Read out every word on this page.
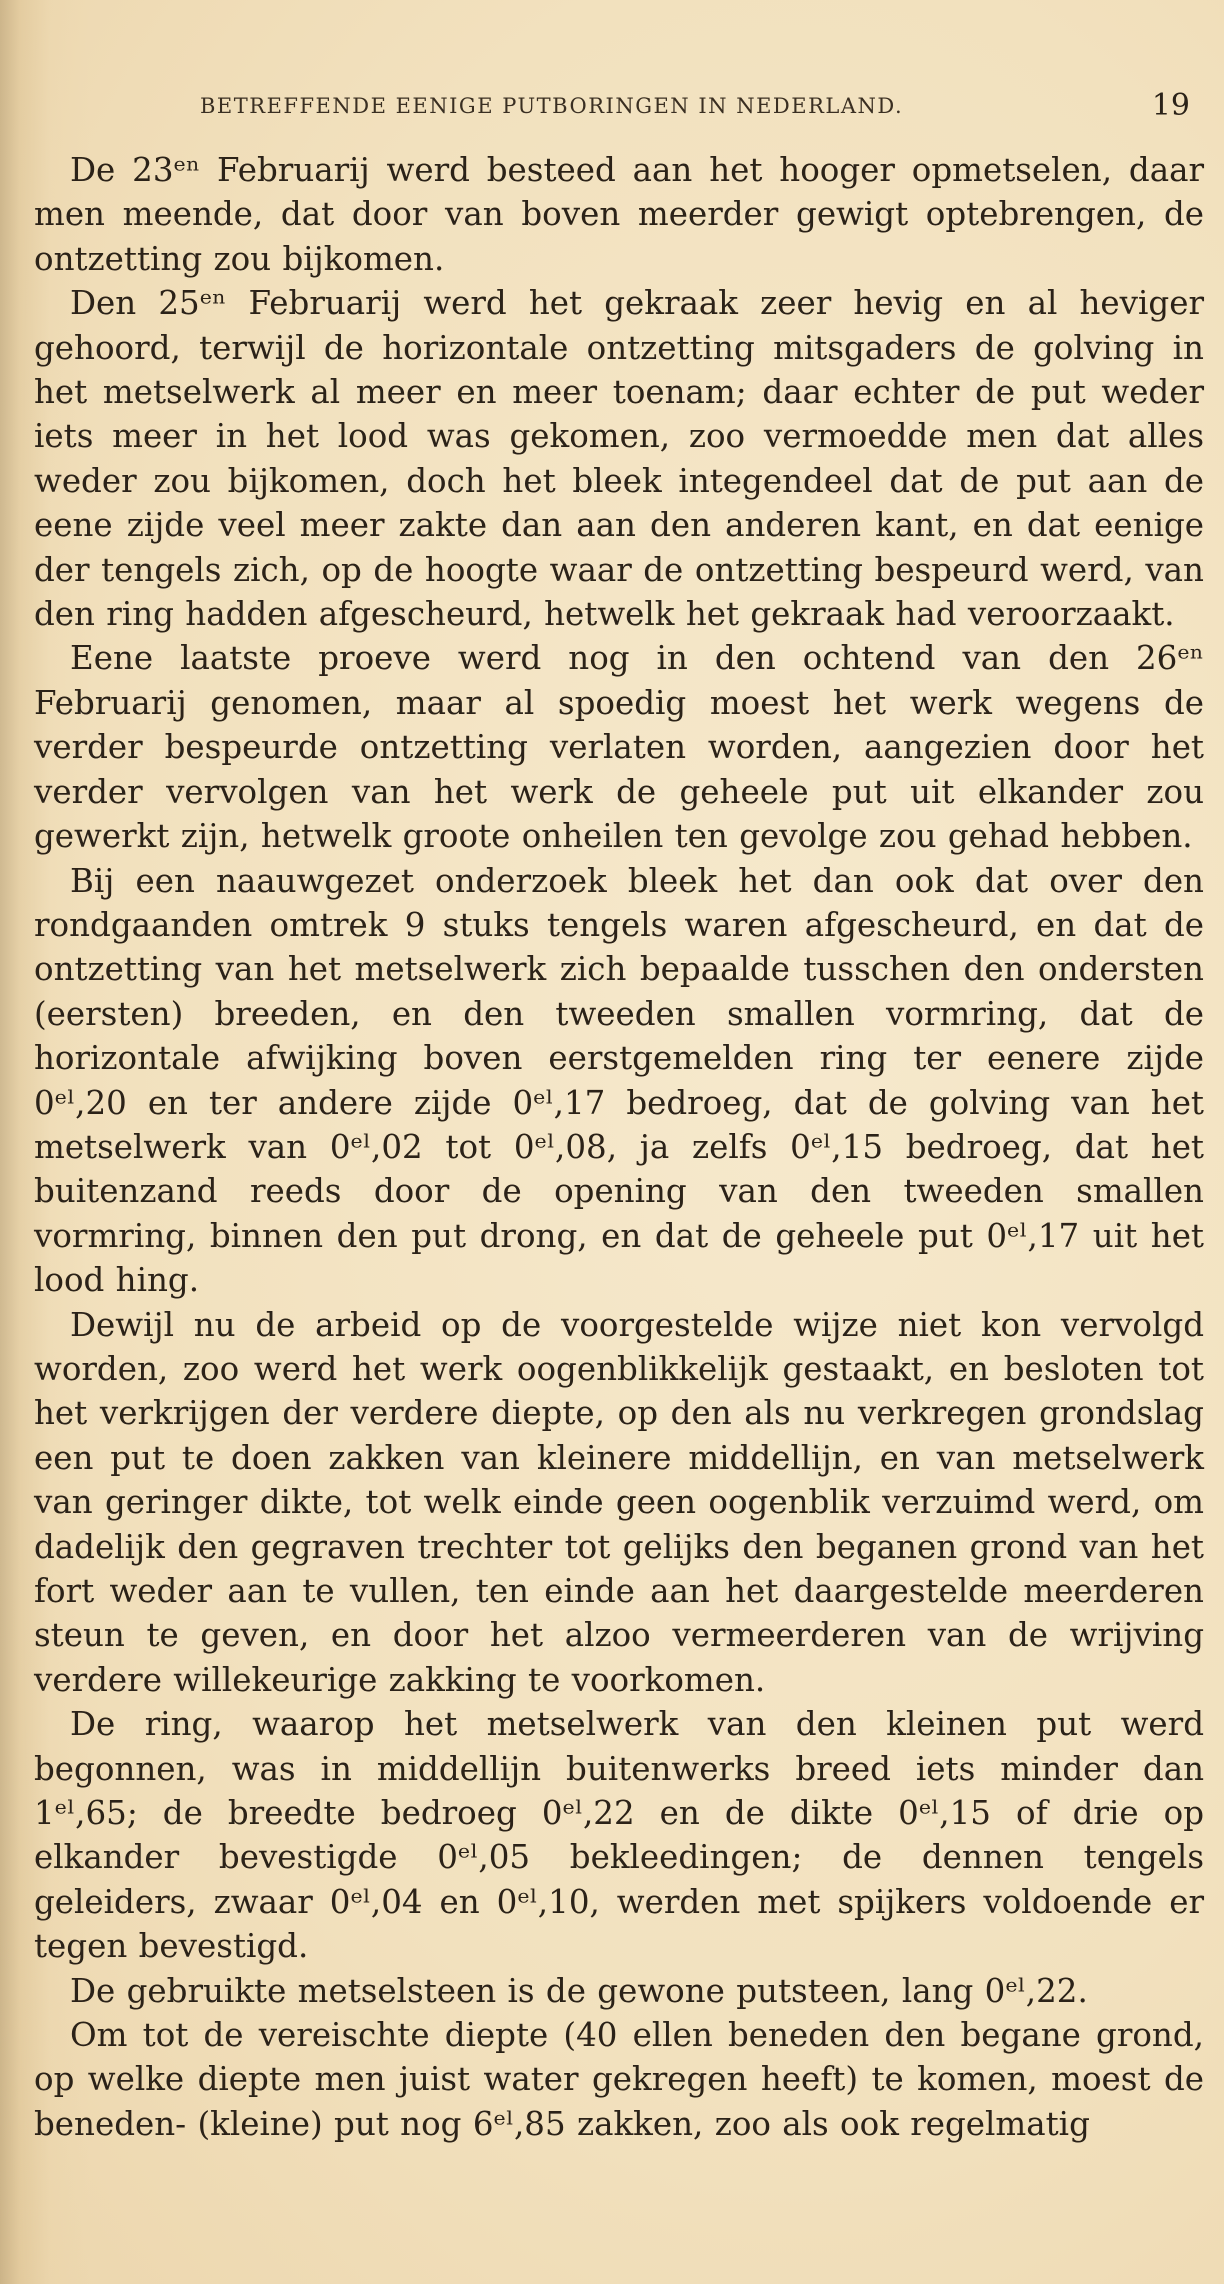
BETREFFENDE EENIGE PUTBORINGEN IN NEDERLAND.	19

De 23ᵉⁿ Februarij werd besteed aan het hooger opmetselen, daar men meende, dat door van boven meerder gewigt optebrengen, de ontzetting zou bijkomen.

Den 25ᵉⁿ Februarij werd het gekraak zeer hevig en al heviger gehoord, terwijl de horizontale ontzetting mitsgaders de golving in het metselwerk al meer en meer toenam; daar echter de put weder iets meer in het lood was gekomen, zoo vermoedde men dat alles weder zou bijkomen, doch het bleek integendeel dat de put aan de eene zijde veel meer zakte dan aan den anderen kant, en dat eenige der tengels zich, op de hoogte waar de ontzetting bespeurd werd, van den ring hadden afgescheurd, hetwelk het gekraak had veroorzaakt.

Eene laatste proeve werd nog in den ochtend van den 26ᵉⁿ Februarij genomen, maar al spoedig moest het werk wegens de verder bespeurde ontzetting verlaten worden, aangezien door het verder vervolgen van het werk de geheele put uit elkander zou gewerkt zijn, hetwelk groote onheilen ten gevolge zou gehad hebben.

Bij een naauwgezet onderzoek bleek het dan ook dat over den rondgaanden omtrek 9 stuks tengels waren afgescheurd, en dat de ontzetting van het metselwerk zich bepaalde tusschen den ondersten (eersten) breeden, en den tweeden smallen vormring, dat de horizontale afwijking boven eerstgemelden ring ter eenere zijde 0ᵉˡ,20 en ter andere zijde 0ᵉˡ,17 bedroeg, dat de golving van het metselwerk van 0ᵉˡ,02 tot 0ᵉˡ,08, ja zelfs 0ᵉˡ,15 bedroeg, dat het buitenzand reeds door de opening van den tweeden smallen vormring, binnen den put drong, en dat de geheele put 0ᵉˡ,17 uit het lood hing.

Dewijl nu de arbeid op de voorgestelde wijze niet kon vervolgd worden, zoo werd het werk oogenblikkelijk gestaakt, en besloten tot het verkrijgen der verdere diepte, op den als nu verkregen grondslag een put te doen zakken van kleinere middellijn, en van metselwerk van geringer dikte, tot welk einde geen oogenblik verzuimd werd, om dadelijk den gegraven trechter tot gelijks den beganen grond van het fort weder aan te vullen, ten einde aan het daargestelde meerderen steun te geven, en door het alzoo vermeerderen van de wrijving verdere willekeurige zakking te voorkomen.

De ring, waarop het metselwerk van den kleinen put werd begonnen, was in middellijn buitenwerks breed iets minder dan 1ᵉˡ,65; de breedte bedroeg 0ᵉˡ,22 en de dikte 0ᵉˡ,15 of drie op elkander bevestigde 0ᵉˡ,05 bekleedingen; de dennen tengels geleiders, zwaar 0ᵉˡ,04 en 0ᵉˡ,10, werden met spijkers voldoende er tegen bevestigd.

De gebruikte metselsteen is de gewone putsteen, lang 0ᵉˡ,22.

Om tot de vereischte diepte (40 ellen beneden den begane grond, op welke diepte men juist water gekregen heeft) te komen, moest de beneden- (kleine) put nog 6ᵉˡ,85 zakken, zoo als ook regelmatig
